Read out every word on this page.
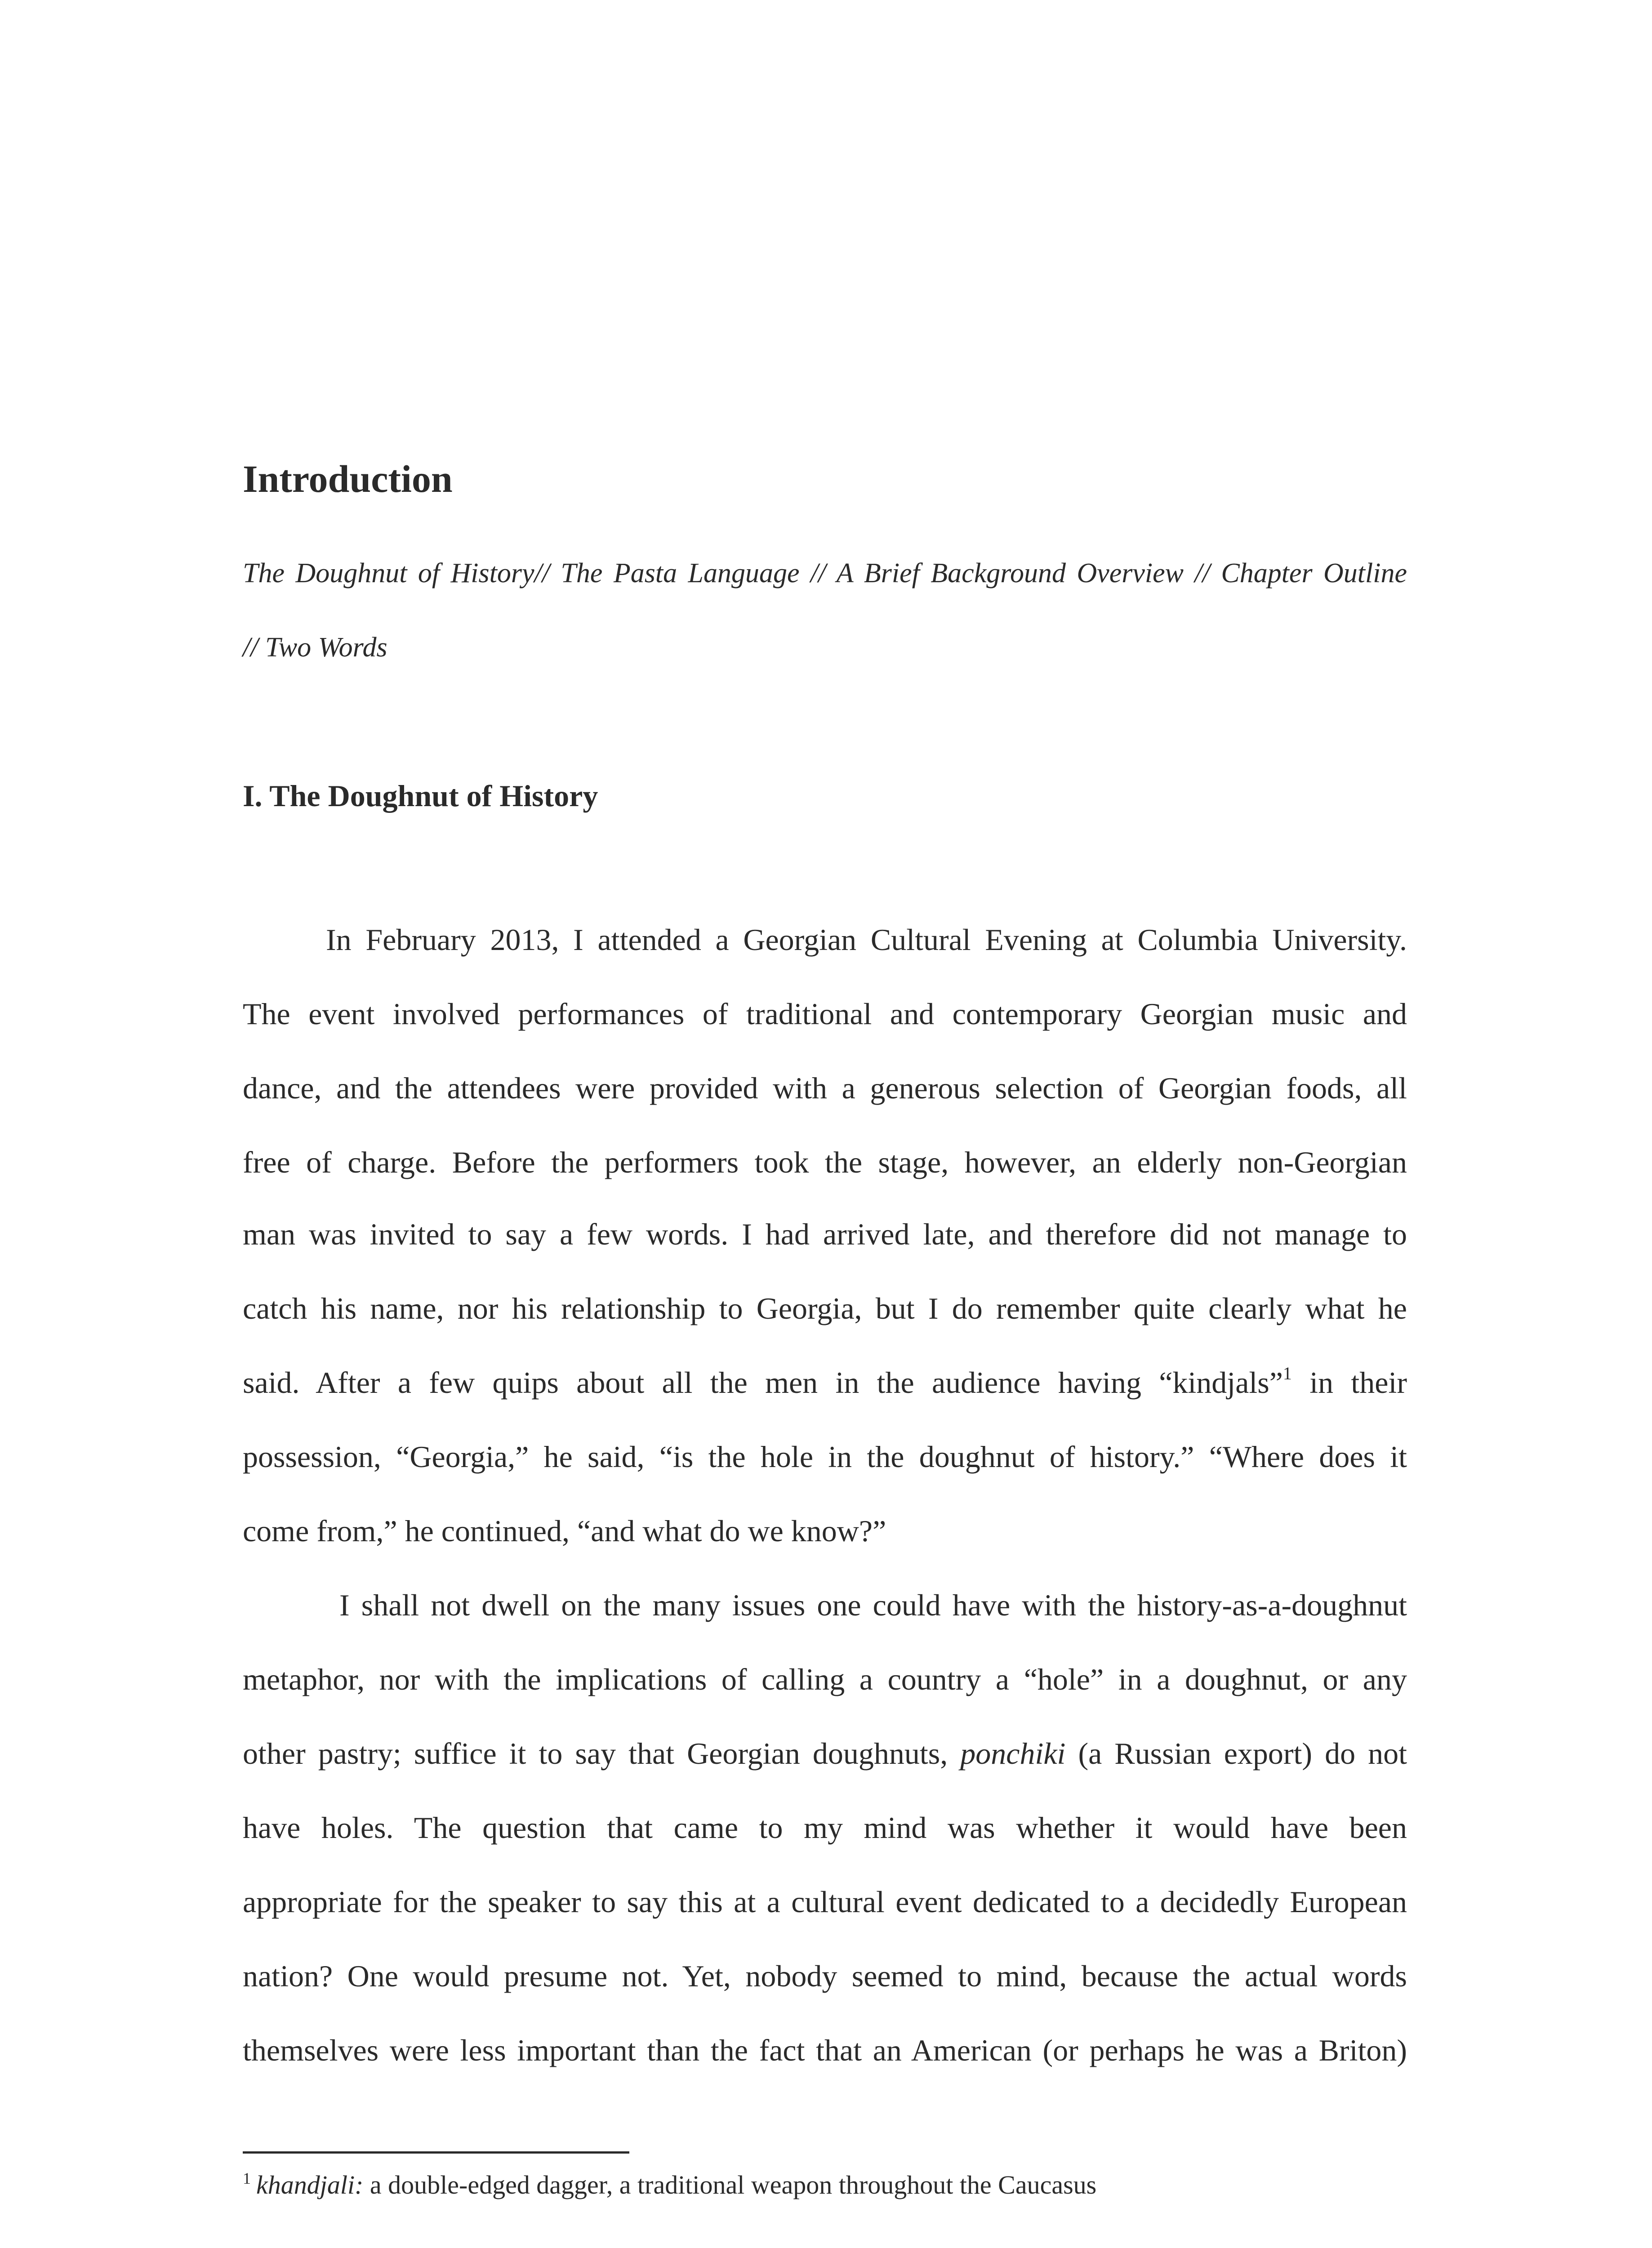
Introduction
The Doughnut of History// The Pasta Language // A Brief Background Overview // Chapter Outline
// Two Words
I. The Doughnut of History
In February 2013, I attended a Georgian Cultural Evening at Columbia University.
The event involved performances of traditional and contemporary Georgian music and
dance, and the attendees were provided with a generous selection of Georgian foods, all
free of charge. Before the performers took the stage, however, an elderly non-Georgian
man was invited to say a few words. I had arrived late, and therefore did not manage to
catch his name, nor his relationship to Georgia, but I do remember quite clearly what he
said. After a few quips about all the men in the audience having “kindjals”$^1$ in their
possession, “Georgia,” he said, “is the hole in the doughnut of history.” “Where does it
come from,” he continued, “and what do we know?”
I shall not dwell on the many issues one could have with the history-as-a-doughnut
metaphor, nor with the implications of calling a country a “hole” in a doughnut, or any
other pastry; suffice it to say that Georgian doughnuts, ponchiki (a Russian export) do not
have holes. The question that came to my mind was whether it would have been
appropriate for the speaker to say this at a cultural event dedicated to a decidedly European
nation? One would presume not. Yet, nobody seemed to mind, because the actual words
themselves were less important than the fact that an American (or perhaps he was a Briton)
$^1$ khandjali: a double-edged dagger, a traditional weapon throughout the Caucasus
